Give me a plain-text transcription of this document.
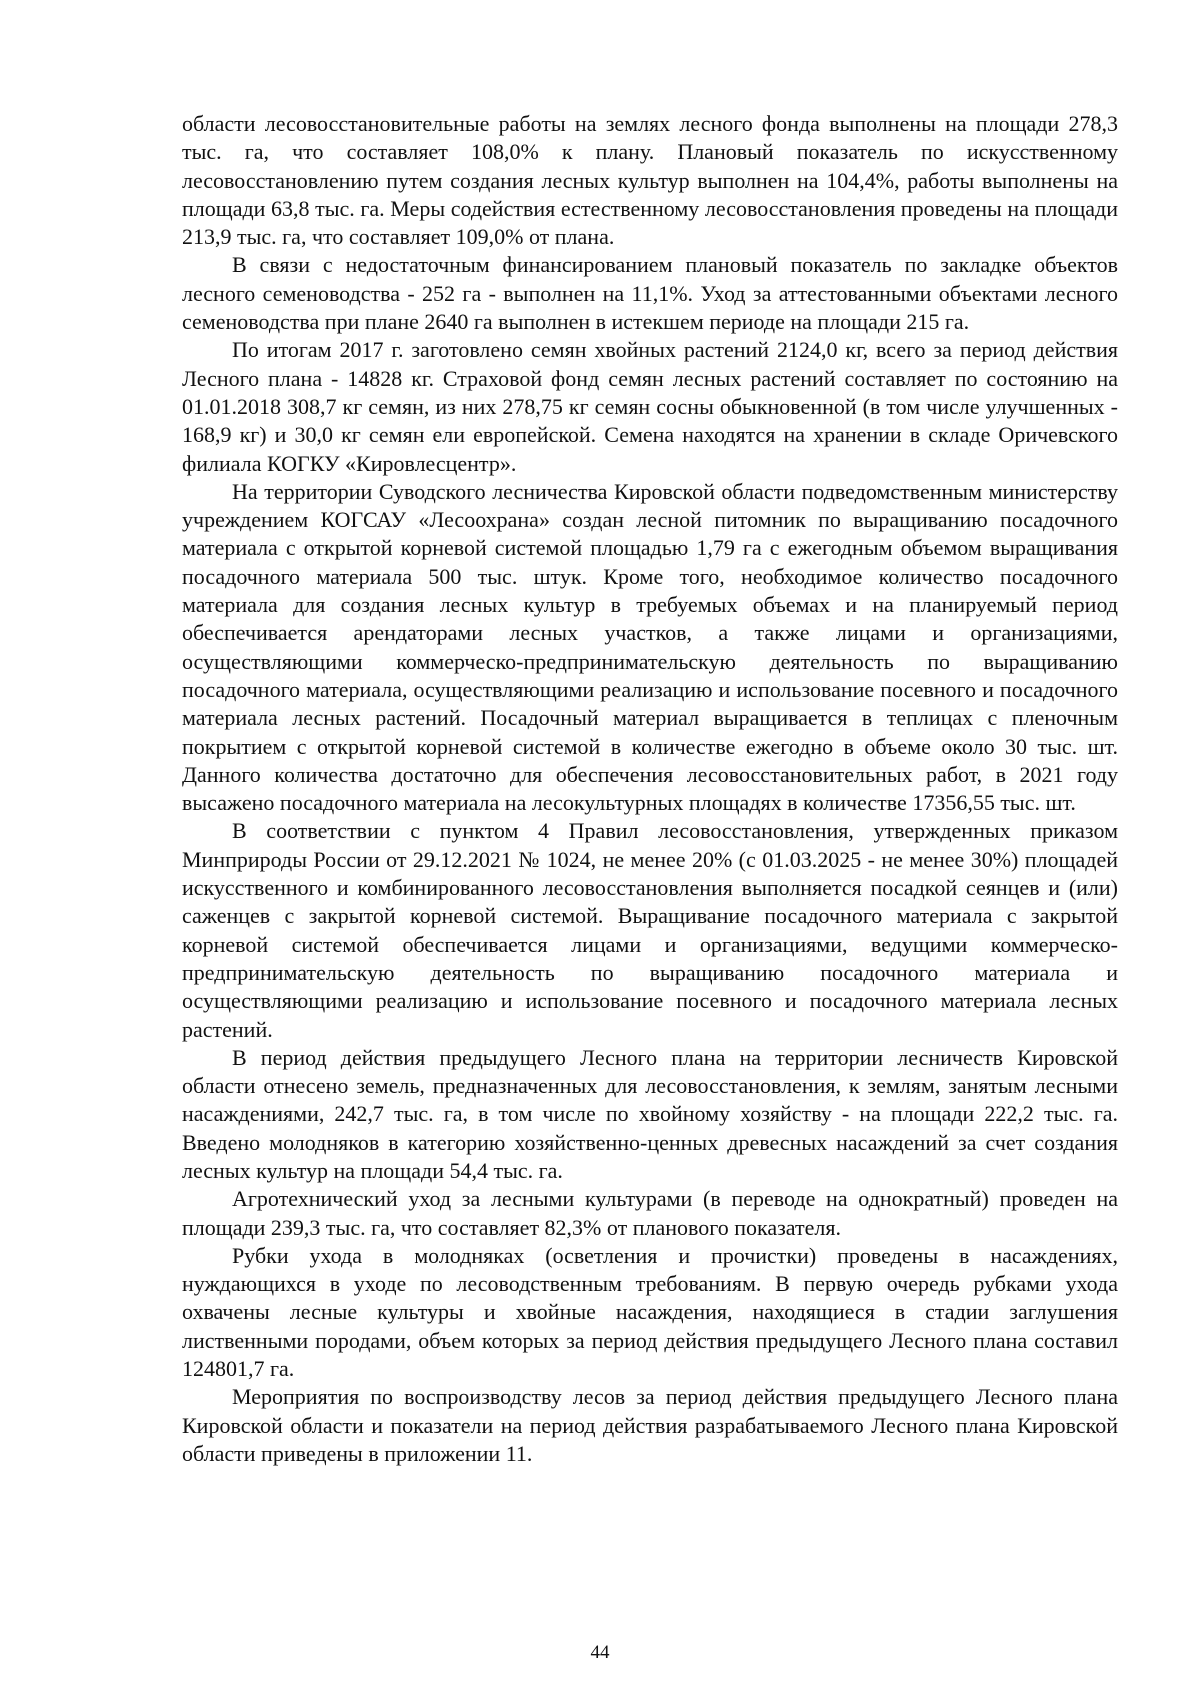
области лесовосстановительные работы на землях лесного фонда выполнены на площади 278,3 тыс. га, что составляет 108,0% к плану. Плановый показатель по искусственному лесовосстановлению путем создания лесных культур выполнен на 104,4%, работы выполнены на площади 63,8 тыс. га. Меры содействия естественному лесовосстановления проведены на площади 213,9 тыс. га, что составляет 109,0% от плана.

В связи с недостаточным финансированием плановый показатель по закладке объектов лесного семеноводства - 252 га - выполнен на 11,1%. Уход за аттестованными объектами лесного семеноводства при плане 2640 га выполнен в истекшем периоде на площади 215 га.

По итогам 2017 г. заготовлено семян хвойных растений 2124,0 кг, всего за период действия Лесного плана - 14828 кг. Страховой фонд семян лесных растений составляет по состоянию на 01.01.2018 308,7 кг семян, из них 278,75 кг семян сосны обыкновенной (в том числе улучшенных - 168,9 кг) и 30,0 кг семян ели европейской. Семена находятся на хранении в складе Оричевского филиала КОГКУ «Кировлесцентр».

На территории Суводского лесничества Кировской области подведомственным министерству учреждением КОГСАУ «Лесоохрана» создан лесной питомник по выращиванию посадочного материала с открытой корневой системой площадью 1,79 га с ежегодным объемом выращивания посадочного материала 500 тыс. штук. Кроме того, необходимое количество посадочного материала для создания лесных культур в требуемых объемах и на планируемый период обеспечивается арендаторами лесных участков, а также лицами и организациями, осуществляющими коммерческо-предпринимательскую деятельность по выращиванию посадочного материала, осуществляющими реализацию и использование посевного и посадочного материала лесных растений. Посадочный материал выращивается в теплицах с пленочным покрытием с открытой корневой системой в количестве ежегодно в объеме около 30 тыс. шт. Данного количества достаточно для обеспечения лесовосстановительных работ, в 2021 году высажено посадочного материала на лесокультурных площадях в количестве 17356,55 тыс. шт.

В соответствии с пунктом 4 Правил лесовосстановления, утвержденных приказом Минприроды России от 29.12.2021 № 1024, не менее 20% (с 01.03.2025 - не менее 30%) площадей искусственного и комбинированного лесовосстановления выполняется посадкой сеянцев и (или) саженцев с закрытой корневой системой. Выращивание посадочного материала с закрытой корневой системой обеспечивается лицами и организациями, ведущими коммерческо-предпринимательскую деятельность по выращиванию посадочного материала и осуществляющими реализацию и использование посевного и посадочного материала лесных растений.

В период действия предыдущего Лесного плана на территории лесничеств Кировской области отнесено земель, предназначенных для лесовосстановления, к землям, занятым лесными насаждениями, 242,7 тыс. га, в том числе по хвойному хозяйству - на площади 222,2 тыс. га. Введено молодняков в категорию хозяйственно-ценных древесных насаждений за счет создания лесных культур на площади 54,4 тыс. га.

Агротехнический уход за лесными культурами (в переводе на однократный) проведен на площади 239,3 тыс. га, что составляет 82,3% от планового показателя.

Рубки ухода в молодняках (осветления и прочистки) проведены в насаждениях, нуждающихся в уходе по лесоводственным требованиям. В первую очередь рубками ухода охвачены лесные культуры и хвойные насаждения, находящиеся в стадии заглушения лиственными породами, объем которых за период действия предыдущего Лесного плана составил 124801,7 га.

Мероприятия по воспроизводству лесов за период действия предыдущего Лесного плана Кировской области и показатели на период действия разрабатываемого Лесного плана Кировской области приведены в приложении 11.

44
